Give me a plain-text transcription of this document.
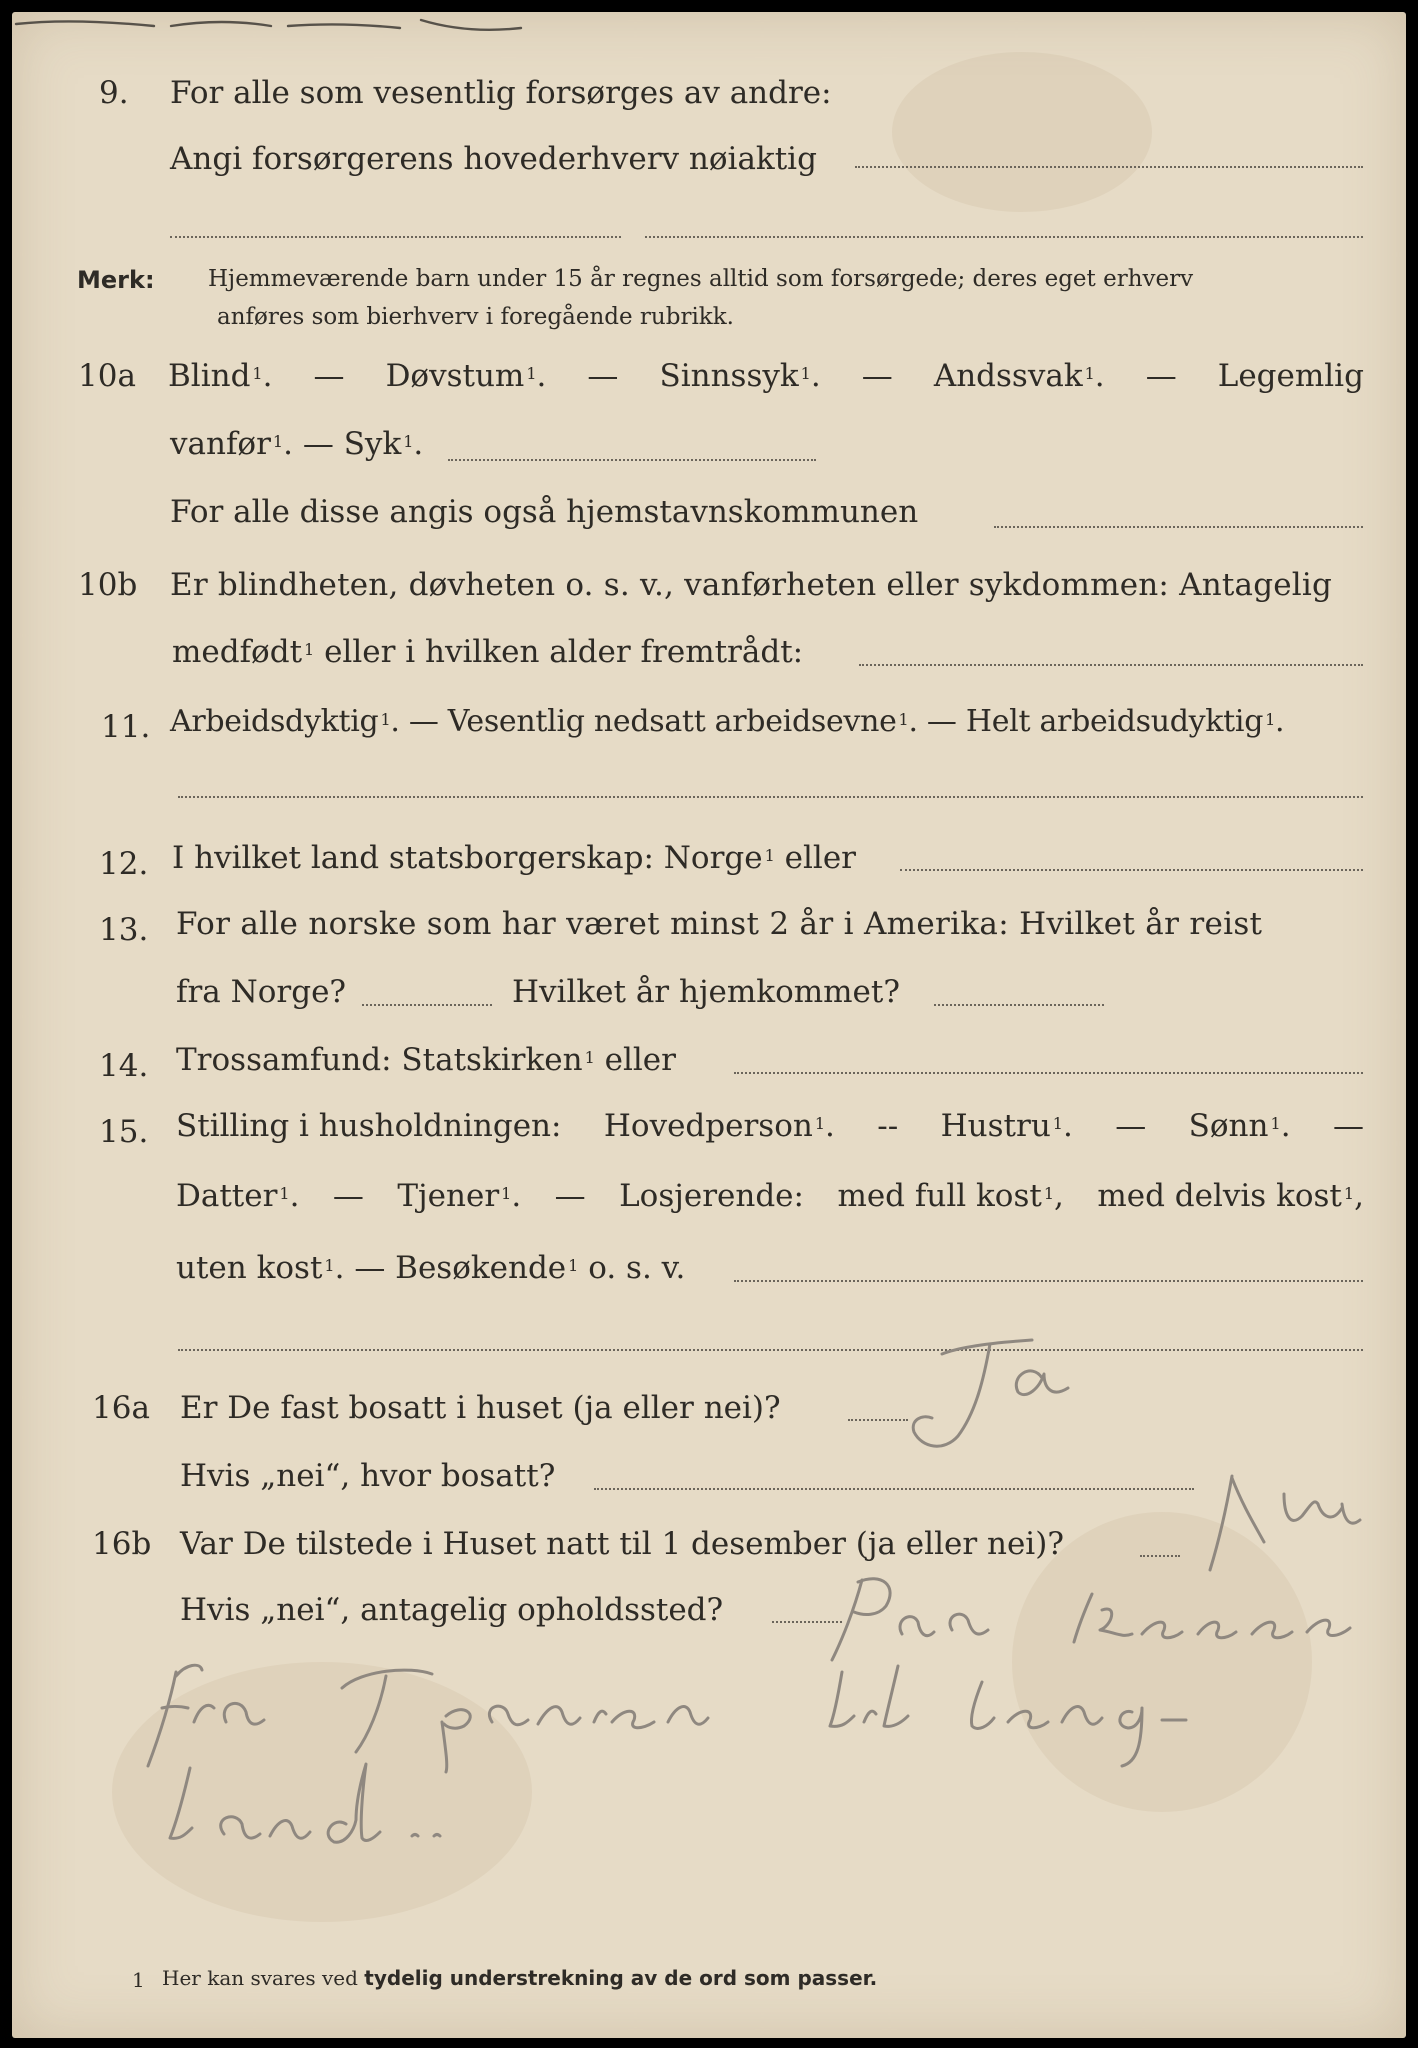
9. For alle som vesentlig forsørges av andre:
Angi forsørgerens hovederhverv nøiaktig
Merk: Hjemmeværende barn under 15 år regnes alltid som forsørgede; deres eget erhverv
anføres som bierhverv i foregående rubrikk.
10a Blind $^1$. — Døvstum $^1$. — Sinnssyk $^1$. — Andssvak $^1$. — Legemlig
vanfør $^1$. — Syk $^1$.
For alle disse angis også hjemstavnskommunen
10b Er blindheten, døvheten o. s. v., vanførheten eller sykdommen: Antagelig
medfødt $^1$ eller i hvilken alder fremtrådt:
11. Arbeidsdyktig $^1$. — Vesentlig nedsatt arbeidsevne $^1$. — Helt arbeidsudyktig $^1$.

12. I hvilket land statsborgerskap: Norge $^1$ eller

13. For alle norske som har været minst 2 år i Amerika: Hvilket år reist
fra Norge?	Hvilket år hjemkommet?
14. Trossamfund: Statskirken $^1$ eller

15. Stilling i husholdningen: Hovedperson $^1$. -- Hustru $^1$. — Sønn $^1$. —
Datter $^1$. — Tjener $^1$. — Losjerende: med full kost $^1$, med delvis kost $^1$,
uten kost $^1$. — Besøkende $^1$ o. s. v.
16a Er De fast bosatt i huset (ja eller nei)?
Hvis „nei“, hvor bosatt?
16b Var De tilstede i Huset natt til 1 desember (ja eller nei)?
Hvis „nei“, antagelig opholdssted?
1 Her kan svares ved tydelig understrekning av de ord som passer.
